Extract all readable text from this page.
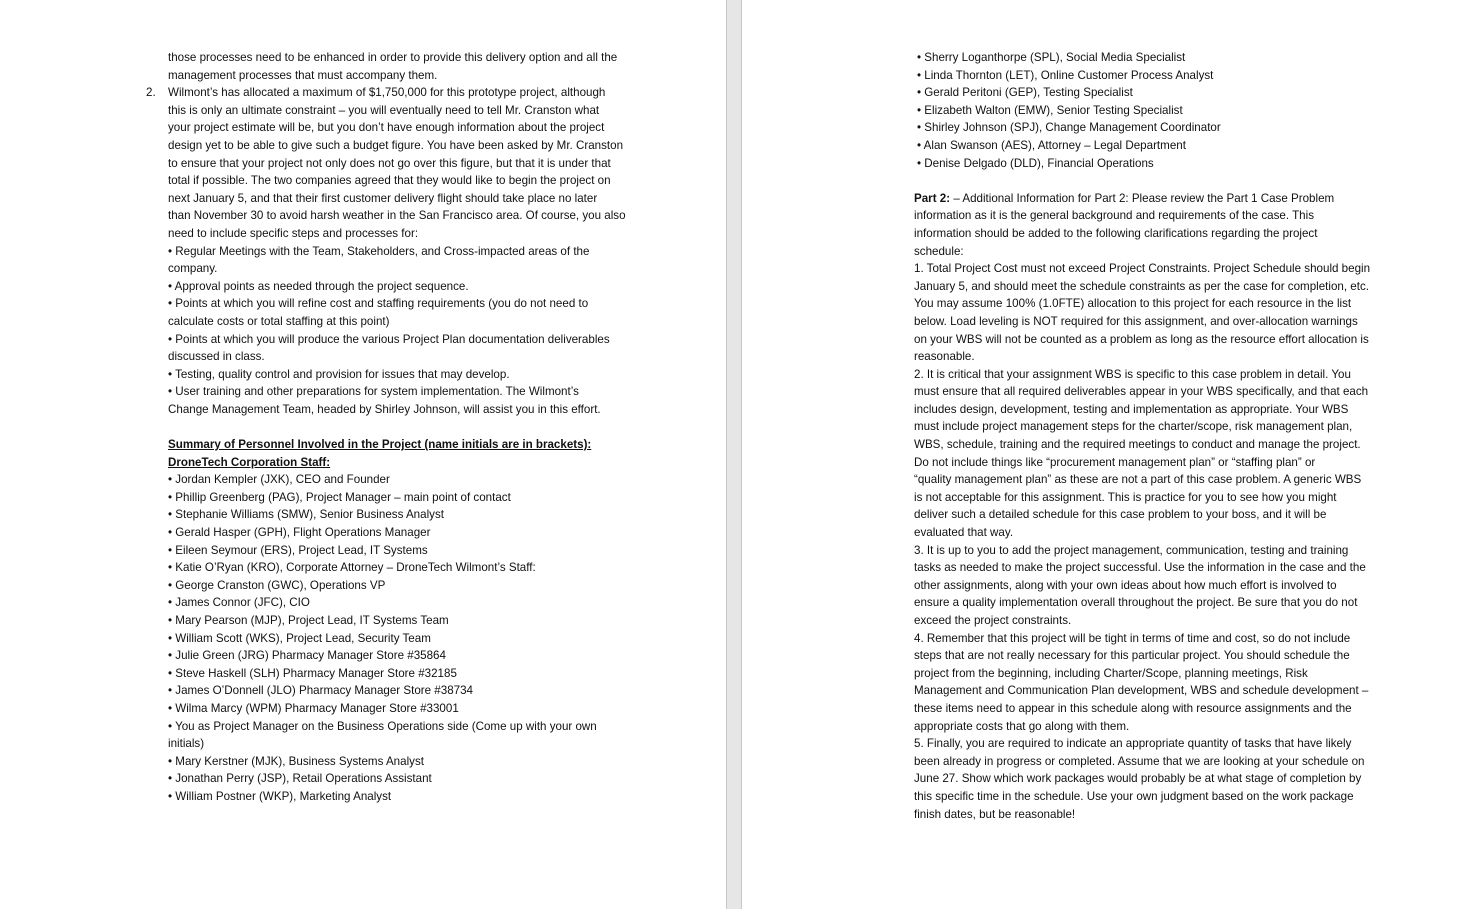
those processes need to be enhanced in order to provide this delivery option and all the
management processes that must accompany them.
2. Wilmont’s has allocated a maximum of $1,750,000 for this prototype project, although
this is only an ultimate constraint – you will eventually need to tell Mr. Cranston what
your project estimate will be, but you don’t have enough information about the project
design yet to be able to give such a budget figure. You have been asked by Mr. Cranston
to ensure that your project not only does not go over this figure, but that it is under that
total if possible. The two companies agreed that they would like to begin the project on
next January 5, and that their first customer delivery flight should take place no later
than November 30 to avoid harsh weather in the San Francisco area. Of course, you also
need to include specific steps and processes for:
• Regular Meetings with the Team, Stakeholders, and Cross-impacted areas of the
company.
• Approval points as needed through the project sequence.
• Points at which you will refine cost and staffing requirements (you do not need to
calculate costs or total staffing at this point)
• Points at which you will produce the various Project Plan documentation deliverables
discussed in class.
• Testing, quality control and provision for issues that may develop.
• User training and other preparations for system implementation. The Wilmont’s
Change Management Team, headed by Shirley Johnson, will assist you in this effort.
Summary of Personnel Involved in the Project (name initials are in brackets):
DroneTech Corporation Staff:
• Jordan Kempler (JXK), CEO and Founder
• Phillip Greenberg (PAG), Project Manager – main point of contact
• Stephanie Williams (SMW), Senior Business Analyst
• Gerald Hasper (GPH), Flight Operations Manager
• Eileen Seymour (ERS), Project Lead, IT Systems
• Katie O’Ryan (KRO), Corporate Attorney – DroneTech Wilmont’s Staff:
• George Cranston (GWC), Operations VP
• James Connor (JFC), CIO
• Mary Pearson (MJP), Project Lead, IT Systems Team
• William Scott (WKS), Project Lead, Security Team
• Julie Green (JRG) Pharmacy Manager Store #35864
• Steve Haskell (SLH) Pharmacy Manager Store #32185
• James O’Donnell (JLO) Pharmacy Manager Store #38734
• Wilma Marcy (WPM) Pharmacy Manager Store #33001
• You as Project Manager on the Business Operations side (Come up with your own
initials)
• Mary Kerstner (MJK), Business Systems Analyst
• Jonathan Perry (JSP), Retail Operations Assistant
• William Postner (WKP), Marketing Analyst
• Sherry Loganthorpe (SPL), Social Media Specialist
• Linda Thornton (LET), Online Customer Process Analyst
• Gerald Peritoni (GEP), Testing Specialist
• Elizabeth Walton (EMW), Senior Testing Specialist
• Shirley Johnson (SPJ), Change Management Coordinator
• Alan Swanson (AES), Attorney – Legal Department
• Denise Delgado (DLD), Financial Operations
Part 2: – Additional Information for Part 2: Please review the Part 1 Case Problem
information as it is the general background and requirements of the case. This
information should be added to the following clarifications regarding the project
schedule:
1. Total Project Cost must not exceed Project Constraints. Project Schedule should begin
January 5, and should meet the schedule constraints as per the case for completion, etc.
You may assume 100% (1.0FTE) allocation to this project for each resource in the list
below. Load leveling is NOT required for this assignment, and over-allocation warnings
on your WBS will not be counted as a problem as long as the resource effort allocation is
reasonable.
2. It is critical that your assignment WBS is specific to this case problem in detail. You
must ensure that all required deliverables appear in your WBS specifically, and that each
includes design, development, testing and implementation as appropriate. Your WBS
must include project management steps for the charter/scope, risk management plan,
WBS, schedule, training and the required meetings to conduct and manage the project.
Do not include things like “procurement management plan” or “staffing plan” or
“quality management plan” as these are not a part of this case problem. A generic WBS
is not acceptable for this assignment. This is practice for you to see how you might
deliver such a detailed schedule for this case problem to your boss, and it will be
evaluated that way.
3. It is up to you to add the project management, communication, testing and training
tasks as needed to make the project successful. Use the information in the case and the
other assignments, along with your own ideas about how much effort is involved to
ensure a quality implementation overall throughout the project. Be sure that you do not
exceed the project constraints.
4. Remember that this project will be tight in terms of time and cost, so do not include
steps that are not really necessary for this particular project. You should schedule the
project from the beginning, including Charter/Scope, planning meetings, Risk
Management and Communication Plan development, WBS and schedule development –
these items need to appear in this schedule along with resource assignments and the
appropriate costs that go along with them.
5. Finally, you are required to indicate an appropriate quantity of tasks that have likely
been already in progress or completed. Assume that we are looking at your schedule on
June 27. Show which work packages would probably be at what stage of completion by
this specific time in the schedule. Use your own judgment based on the work package
finish dates, but be reasonable!
